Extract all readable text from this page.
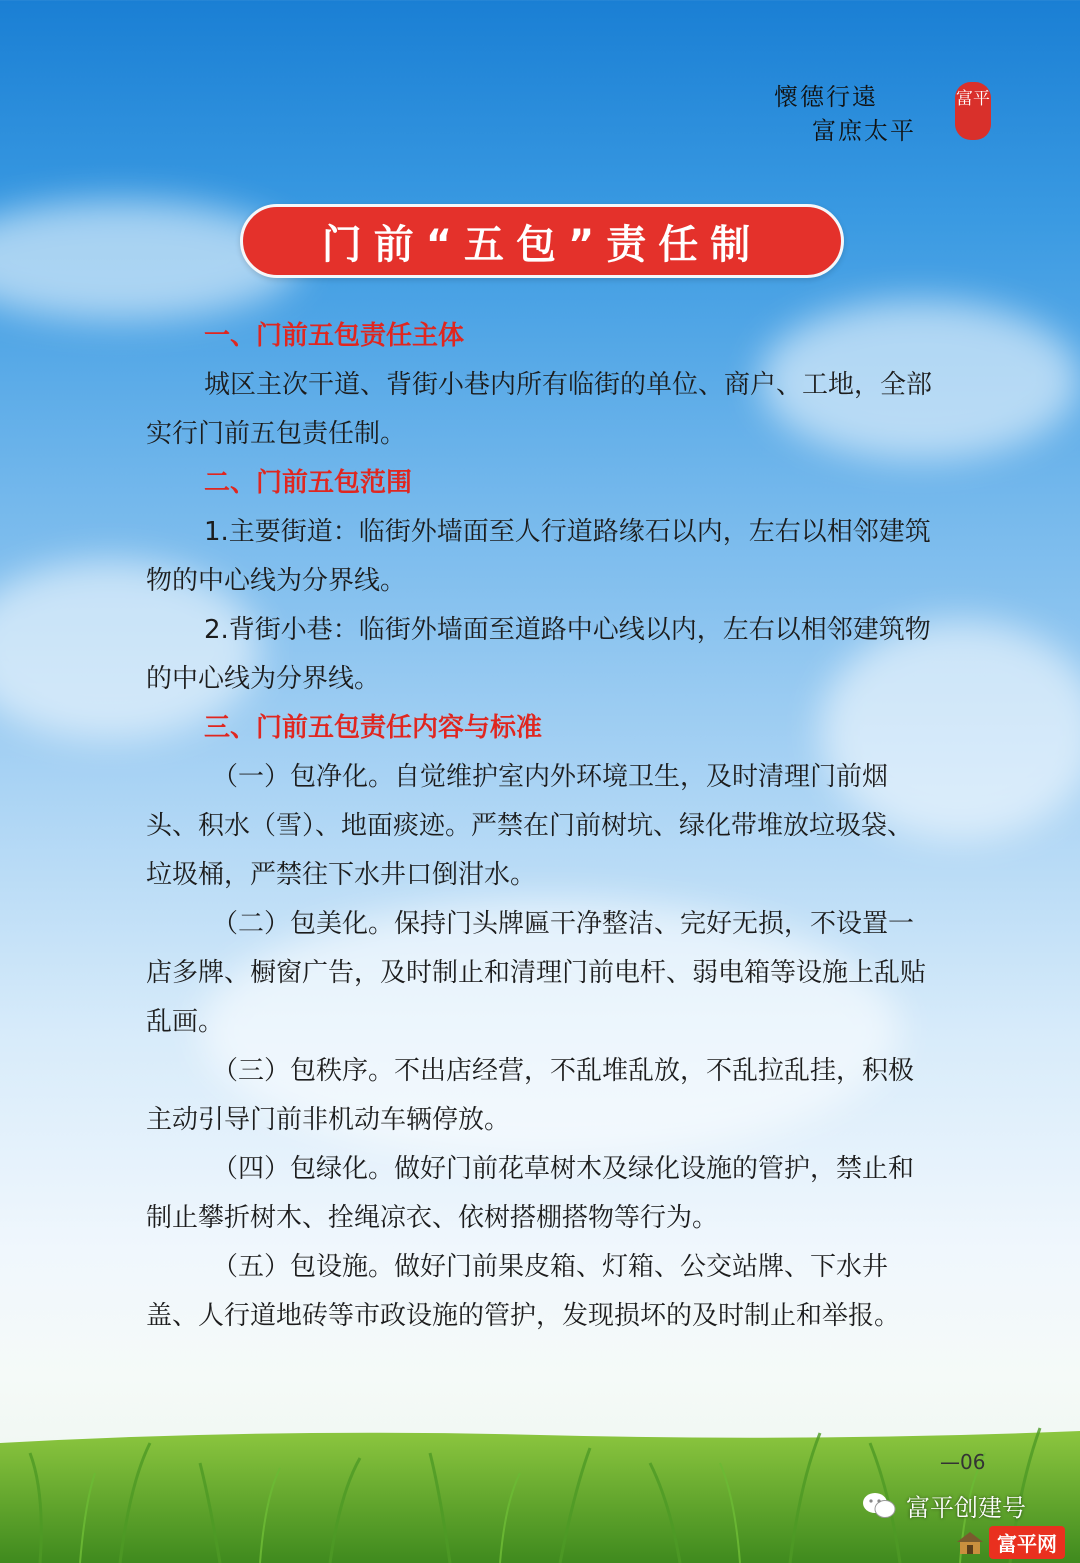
懷德行遠
富庶太平
富平
门前“五包”责任制

一、门前五包责任主体

城区主次干道、背街小巷内所有临街的单位、商户、工地，全部实行门前五包责任制。

二、门前五包范围

1.主要街道：临街外墙面至人行道路缘石以内，左右以相邻建筑物的中心线为分界线。

2.背街小巷：临街外墙面至道路中心线以内，左右以相邻建筑物的中心线为分界线。

三、门前五包责任内容与标准

（一）包净化。自觉维护室内外环境卫生，及时清理门前烟头、积水（雪）、地面痰迹。严禁在门前树坑、绿化带堆放垃圾袋、垃圾桶，严禁往下水井口倒泔水。

（二）包美化。保持门头牌匾干净整洁、完好无损，不设置一店多牌、橱窗广告，及时制止和清理门前电杆、弱电箱等设施上乱贴乱画。

（三）包秩序。不出店经营，不乱堆乱放，不乱拉乱挂，积极主动引导门前非机动车辆停放。

（四）包绿化。做好门前花草树木及绿化设施的管护，禁止和制止攀折树木、拴绳凉衣、依树搭棚搭物等行为。

（五）包设施。做好门前果皮箱、灯箱、公交站牌、下水井盖、人行道地砖等市政设施的管护，发现损坏的及时制止和举报。

—06
富平创建号
富平网
